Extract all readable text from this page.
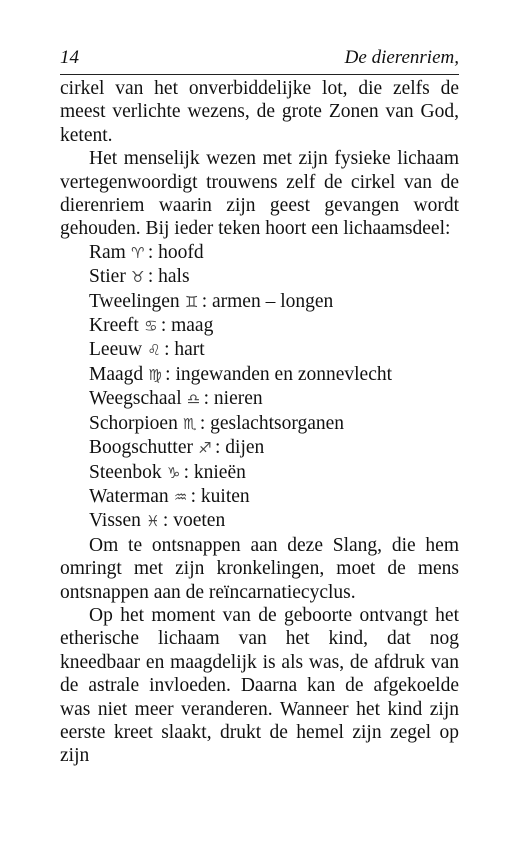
14	De dierenriem,

cirkel van het onverbiddelijke lot, die zelfs de meest verlichte wezens, de grote Zonen van God, ketent.

Het menselijk wezen met zijn fysieke lichaam vertegenwoordigt trouwens zelf de cirkel van de dierenriem waarin zijn geest gevangen wordt gehouden. Bij ieder teken hoort een lichaamsdeel:

Ram ♈ : hoofd
Stier ♉ : hals
Tweelingen ♊ : armen – longen
Kreeft ♋ : maag
Leeuw ♌ : hart
Maagd ♍ : ingewanden en zonnevlecht
Weegschaal ♎ : nieren
Schorpioen ♏ : geslachtsorganen
Boogschutter ♐ : dijen
Steenbok ♑ : knieën
Waterman ♒ : kuiten
Vissen ♓ : voeten

Om te ontsnappen aan deze Slang, die hem omringt met zijn kronkelingen, moet de mens ontsnappen aan de reïncarnatiecyclus.

Op het moment van de geboorte ontvangt het etherische lichaam van het kind, dat nog kneedbaar en maagdelijk is als was, de afdruk van de astrale invloeden. Daarna kan de afgekoelde was niet meer veranderen. Wanneer het kind zijn eerste kreet slaakt, drukt de hemel zijn zegel op zijn
